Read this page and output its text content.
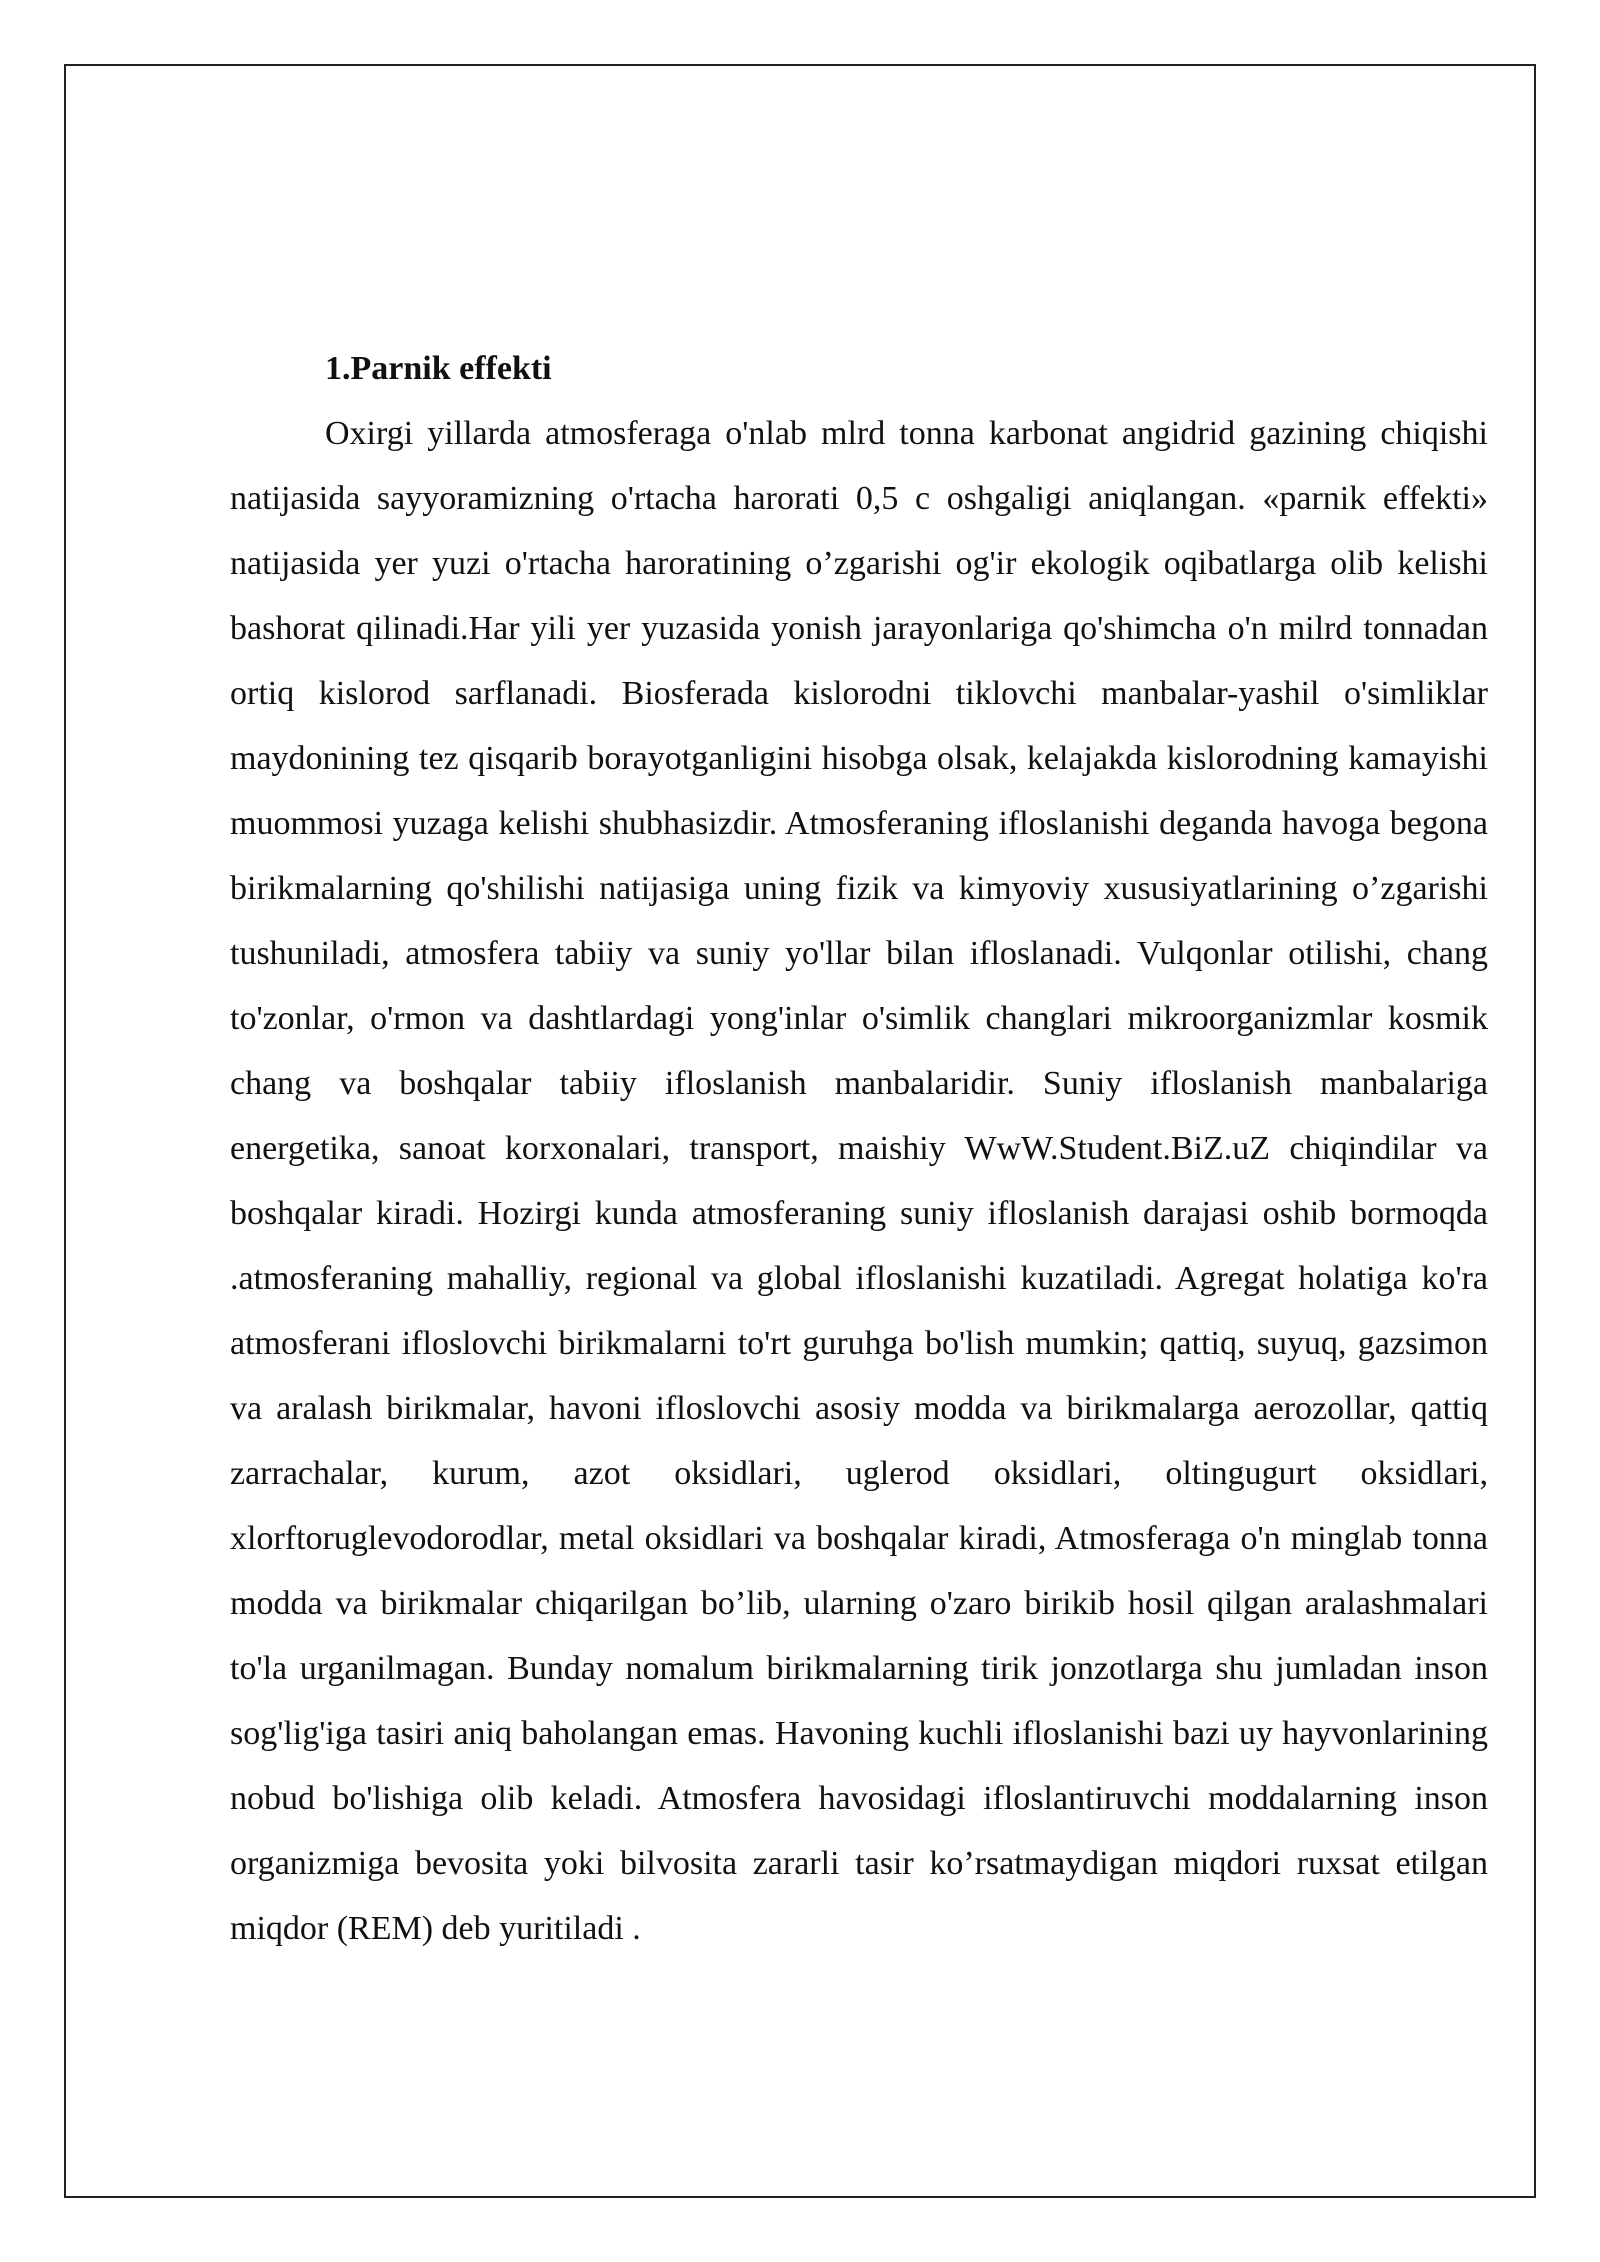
1.Parnik effekti

Oxirgi yillarda atmosferaga o'nlab mlrd tonna karbonat angidrid gazining chiqishi natijasida sayyoramizning o'rtacha harorati 0,5 c oshgaligi aniqlangan. «parnik effekti» natijasida yer yuzi o'rtacha haroratining o’zgarishi og'ir ekologik oqibatlarga olib kelishi bashorat qilinadi.Har yili yer yuzasida yonish jarayonlariga qo'shimcha o'n milrd tonnadan ortiq kislorod sarflanadi. Biosferada kislorodni tiklovchi manbalar-yashil o'simliklar maydonining tez qisqarib borayotganligini hisobga olsak, kelajakda kislorodning kamayishi muommosi yuzaga kelishi shubhasizdir. Atmosferaning ifloslanishi deganda havoga begona birikmalarning qo'shilishi natijasiga uning fizik va kimyoviy xususiyatlarining o’zgarishi tushuniladi, atmosfera tabiiy va suniy yo'llar bilan ifloslanadi. Vulqonlar otilishi, chang to'zonlar, o'rmon va dashtlardagi yong'inlar o'simlik changlari mikroorganizmlar kosmik chang va boshqalar tabiiy ifloslanish manbalaridir. Suniy ifloslanish manbalariga energetika, sanoat korxonalari, transport, maishiy WwW.Student.BiZ.uZ chiqindilar va boshqalar kiradi. Hozirgi kunda atmosferaning suniy ifloslanish darajasi oshib bormoqda .atmosferaning mahalliy, regional va global ifloslanishi kuzatiladi. Agregat holatiga ko'ra atmosferani ifloslovchi birikmalarni to'rt guruhga bo'lish mumkin; qattiq, suyuq, gazsimon va aralash birikmalar, havoni ifloslovchi asosiy modda va birikmalarga aerozollar, qattiq zarrachalar, kurum, azot oksidlari, uglerod oksidlari, oltingugurt oksidlari, xlorftoruglevodorodlar, metal oksidlari va boshqalar kiradi, Atmosferaga o'n minglab tonna modda va birikmalar chiqarilgan bo’lib, ularning o'zaro birikib hosil qilgan aralashmalari to'la urganilmagan. Bunday nomalum birikmalarning tirik jonzotlarga shu jumladan inson sog'lig'iga tasiri aniq baholangan emas. Havoning kuchli ifloslanishi bazi uy hayvonlarining nobud bo'lishiga olib keladi. Atmosfera havosidagi ifloslantiruvchi moddalarning inson organizmiga bevosita yoki bilvosita zararli tasir ko’rsatmaydigan miqdori ruxsat etilgan miqdor (REM) deb yuritiladi .
